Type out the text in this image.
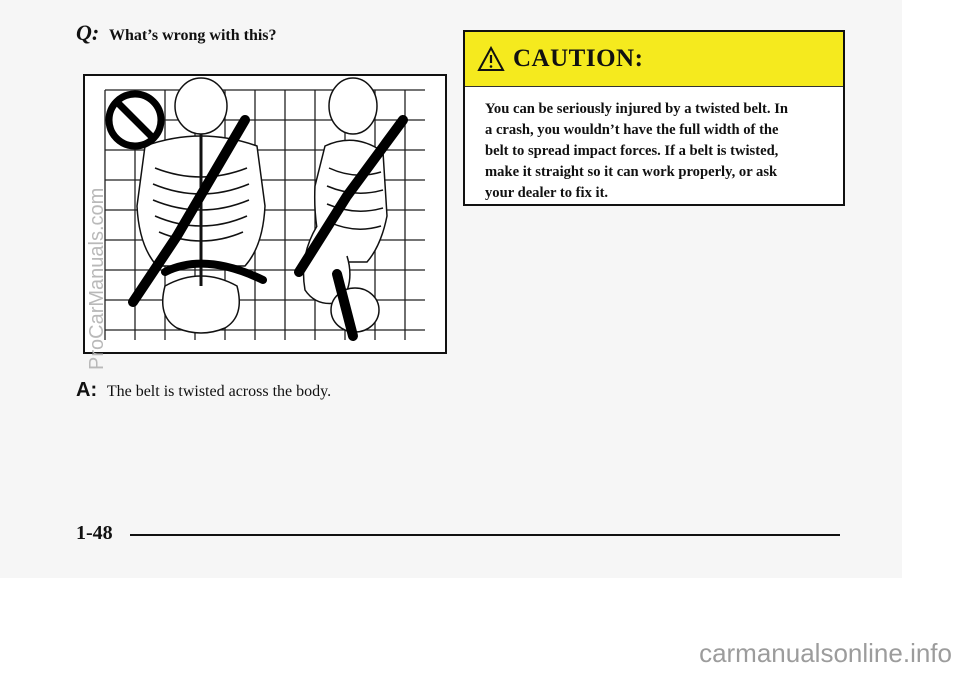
Q: What’s wrong with this?
A: The belt is twisted across the body.
CAUTION:
You can be seriously injured by a twisted belt. In
a crash, you wouldn’t have the full width of the
belt to spread impact forces. If a belt is twisted,
make it straight so it can work properly, or ask
your dealer to fix it.
1-48
ProCarManuals.com
carmanualsonline.info
